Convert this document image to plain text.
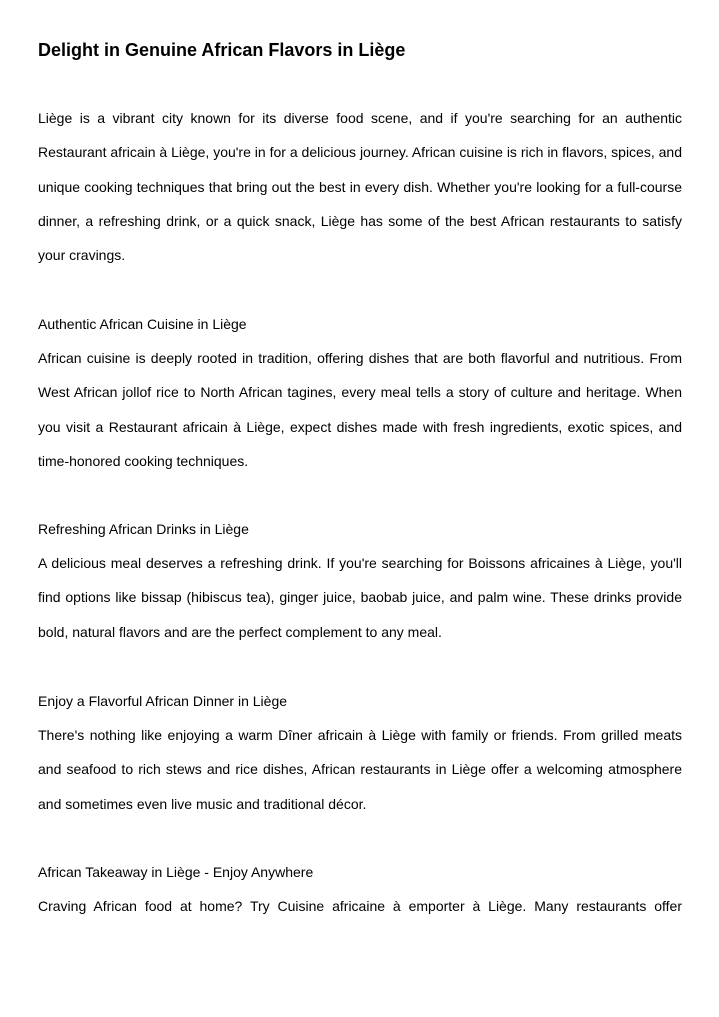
Delight in Genuine African Flavors in Liège

Liège is a vibrant city known for its diverse food scene, and if you're searching for an authentic Restaurant africain à Liège, you're in for a delicious journey. African cuisine is rich in flavors, spices, and unique cooking techniques that bring out the best in every dish. Whether you're looking for a full-course dinner, a refreshing drink, or a quick snack, Liège has some of the best African restaurants to satisfy your cravings.

Authentic African Cuisine in Liège

African cuisine is deeply rooted in tradition, offering dishes that are both flavorful and nutritious. From West African jollof rice to North African tagines, every meal tells a story of culture and heritage. When you visit a Restaurant africain à Liège, expect dishes made with fresh ingredients, exotic spices, and time-honored cooking techniques.

Refreshing African Drinks in Liège

A delicious meal deserves a refreshing drink. If you're searching for Boissons africaines à Liège, you'll find options like bissap (hibiscus tea), ginger juice, baobab juice, and palm wine. These drinks provide bold, natural flavors and are the perfect complement to any meal.

Enjoy a Flavorful African Dinner in Liège

There's nothing like enjoying a warm Dîner africain à Liège with family or friends. From grilled meats and seafood to rich stews and rice dishes, African restaurants in Liège offer a welcoming atmosphere and sometimes even live music and traditional décor.

African Takeaway in Liège - Enjoy Anywhere

Craving African food at home? Try Cuisine africaine à emporter à Liège. Many restaurants offer
